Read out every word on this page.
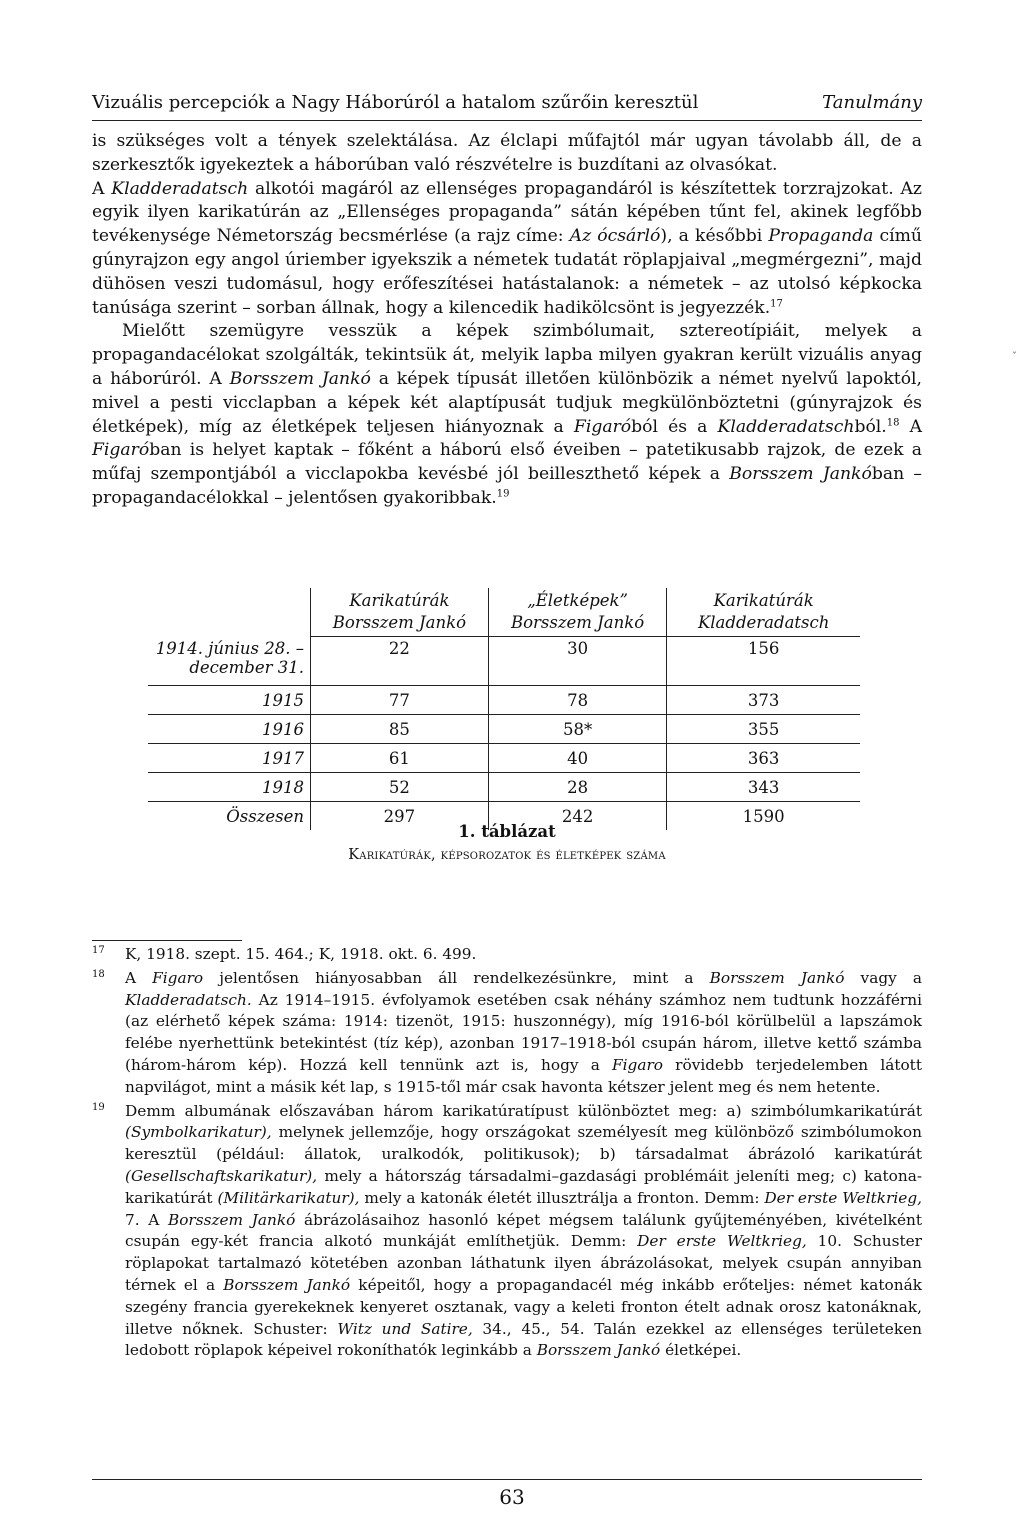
Vizuális percepciók a Nagy Háborúról a hatalom szűrőin keresztül	Tanulmány

is szükséges volt a tények szelektálása. Az élclapi műfajtól már ugyan távolabb áll, de a szerkesztők igyekeztek a háborúban való részvételre is buzdítani az olvasókat.

A Kladderadatsch alkotói magáról az ellenséges propagandáról is készítettek torzrajzokat. Az egyik ilyen karikatúrán az „Ellenséges propaganda” sátán képében tűnt fel, akinek legfőbb tevékenysége Németország becsmérlése (a rajz címe: Az ócsárló), a későbbi Propaganda című gúnyrajzon egy angol úriember igyekszik a németek tudatát röplapjaival „megmérgezni”, majd dühösen veszi tudomásul, hogy erőfeszítései hatástalanok: a németek – az utolsó képkocka tanúsága szerint – sorban állnak, hogy a kilencedik hadikölcsönt is jegyezzék.$^{17}$

Mielőtt szemügyre vesszük a képek szimbólumait, sztereotípiáit, melyek a propagandacélokat szolgálták, tekintsük át, melyik lapba milyen gyakran került vizuális anyag a háborúról. A Borsszem Jankó a képek típusát illetően különbözik a német nyelvű lapoktól, mivel a pesti vicclapban a képek két alaptípusát tudjuk megkülönböztetni (gúnyrajzok és életképek), míg az életképek teljesen hiányoznak a Figaróból és a Kladderadatschból.$^{18}$ A Figaróban is helyet kaptak – főként a háború első éveiben – patetikusabb rajzok, de ezek a műfaj szempontjából a vicclapokba kevésbé jól beilleszthető képek a Borsszem Jankóban – propagandacélokkal – jelentősen gyakoribbak.$^{19}$

ˇ
	Karikatúrák Borsszem Jankó	„Életképek” Borsszem Jankó	Karikatúrák Kladderadatsch
1914. június 28. – december 31.	22	30	156
1915	77	78	373
1916	85	58*	355
1917	61	40	363
1918	52	28	343
Összesen	297	242	1590
1. táblázat
Karikatúrák, képsorozatok és életképek száma
17 K, 1918. szept. 15. 464.; K, 1918. okt. 6. 499.
18 A Figaro jelentősen hiányosabban áll rendelkezésünkre, mint a Borsszem Jankó vagy a Kladderadatsch. Az 1914–1915. évfolyamok esetében csak néhány számhoz nem tudtunk hozzáférni (az elérhető képek száma: 1914: tizenöt, 1915: huszonnégy), míg 1916-ból körülbelül a lapszámok felébe nyerhettünk betekintést (tíz kép), azonban 1917–1918-ból csupán három, illetve kettő számba (három-három kép). Hozzá kell tennünk azt is, hogy a Figaro rövidebb terjedelemben látott napvilágot, mint a másik két lap, s 1915-től már csak havonta kétszer jelent meg és nem hetente.
19 Demm albumának előszavában három karikatúratípust különböztet meg: a) szimbólumkarikatúrát (Symbolkarikatur), melynek jellemzője, hogy országokat személyesít meg különböző szimbólumokon keresztül (például: állatok, uralkodók, politikusok); b) társadalmat ábrázoló karikatúrát (Gesellschaftskarikatur), mely a hátország társadalmi–gazdasági problémáit jeleníti meg; c) katona-karikatúrát (Militärkarikatur), mely a katonák életét illusztrálja a fronton. Demm: Der erste Weltkrieg, 7. A Borsszem Jankó ábrázolásaihoz hasonló képet mégsem találunk gyűjteményében, kivételként csupán egy-két francia alkotó munkáját említhetjük. Demm: Der erste Weltkrieg, 10. Schuster röplapokat tartalmazó kötetében azonban láthatunk ilyen ábrázolásokat, melyek csupán annyiban térnek el a Borsszem Jankó képeitől, hogy a propagandacél még inkább erőteljes: német katonák szegény francia gyerekeknek kenyeret osztanak, vagy a keleti fronton ételt adnak orosz katonáknak, illetve nőknek. Schuster: Witz und Satire, 34., 45., 54. Talán ezekkel az ellenséges területeken ledobott röplapok képeivel rokoníthatók leginkább a Borsszem Jankó életképei.
63
